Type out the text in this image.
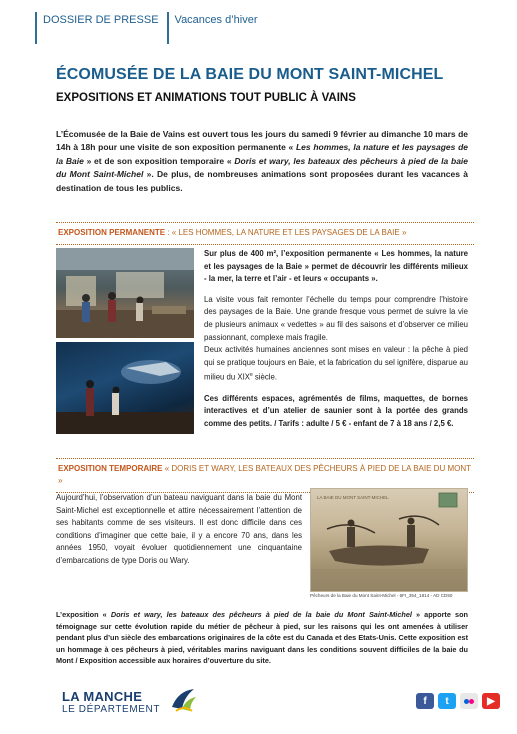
DOSSIER DE PRESSE	Vacances d’hiver
ÉCOMUSÉE DE LA BAIE DU MONT SAINT-MICHEL
EXPOSITIONS ET ANIMATIONS TOUT PUBLIC À VAINS
L’Écomusée de la Baie de Vains est ouvert tous les jours du samedi 9 février au dimanche 10 mars de 14h à 18h pour une visite de son exposition permanente « Les hommes, la nature et les paysages de la Baie » et de son exposition temporaire « Doris et wary, les bateaux des pêcheurs à pied de la baie du Mont Saint-Michel ». De plus, de nombreuses animations sont proposées durant les vacances à destination de tous les publics.
EXPOSITION PERMANENTE : « LES HOMMES, LA NATURE ET LES PAYSAGES DE LA BAIE »

Sur plus de 400 m², l’exposition permanente « Les hommes, la nature et les paysages de la Baie » permet de découvrir les différents milieux - la mer, la terre et l’air - et leurs « occupants ».

La visite vous fait remonter l’échelle du temps pour comprendre l’histoire des paysages de la Baie. Une grande fresque vous permet de suivre la vie de plusieurs animaux « vedettes » au fil des saisons et d’observer ce milieu passionnant, complexe mais fragile.

Deux activités humaines anciennes sont mises en valeur : la pêche à pied qui se pratique toujours en Baie, et la fabrication du sel ignifère, disparue au milieu du XIXe siècle.

Ces différents espaces, agrémentés de films, maquettes, de bornes interactives et d’un atelier de saunier sont à la portée des grands comme des petits. / Tarifs : adulte / 5 € - enfant de 7 à 18 ans / 2,5 €.

EXPOSITION TEMPORAIRE « DORIS ET WARY, LES BATEAUX DES PÊCHEURS À PIED DE LA BAIE DU MONT »
Aujourd’hui, l’observation d’un bateau naviguant dans la baie du Mont Saint-Michel est exceptionnelle et attire nécessairement l’attention de ses habitants comme de ses visiteurs. Il est donc difficile dans ces conditions d’imaginer que cette baie, il y a encore 70 ans, dans les années 1950, voyait évoluer quotidiennement une cinquantaine d’embarcations de type Doris ou Wary.
LA BAIE DU MONT SAINT-MICHEL
Pêcheurs de la Baie du Mont Saint-Michel - 6FI_354_1814 - AD CD50
L’exposition « Doris et wary, les bateaux des pêcheurs à pied de la baie du Mont Saint-Michel » apporte son témoignage sur cette évolution rapide du métier de pêcheur à pied, sur les raisons qui les ont amenées à utiliser pendant plus d’un siècle des embarcations originaires de la côte est du Canada et des Etats-Unis. Cette exposition est un hommage à ces pêcheurs à pied, véritables marins naviguant dans les conditions souvent difficiles de la baie du Mont / Exposition accessible aux horaires d’ouverture du site.
LA MANCHE
LE DÉPARTEMENT
f	t	▶
